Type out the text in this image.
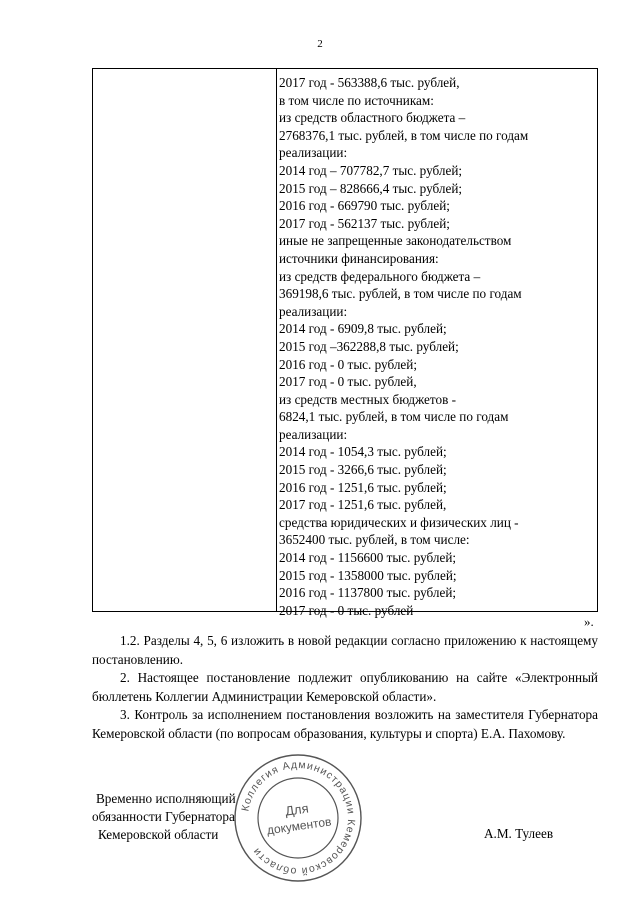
2
2017 год - 563388,6 тыс. рублей,
в том числе по источникам:
из средств областного бюджета –
2768376,1 тыс. рублей, в том числе по годам
реализации:
2014 год – 707782,7 тыс. рублей;
2015 год – 828666,4 тыс. рублей;
2016 год - 669790 тыс. рублей;
2017 год - 562137 тыс. рублей;
иные не запрещенные законодательством
источники финансирования:
из средств федерального бюджета –
369198,6 тыс. рублей, в том числе по годам
реализации:
2014 год - 6909,8 тыс. рублей;
2015 год –362288,8 тыс. рублей;
2016 год - 0 тыс. рублей;
2017 год - 0 тыс. рублей,
из средств местных бюджетов -
6824,1 тыс. рублей, в том числе по годам
реализации:
2014 год - 1054,3 тыс. рублей;
2015 год - 3266,6 тыс. рублей;
2016 год - 1251,6 тыс. рублей;
2017 год - 1251,6 тыс. рублей,
средства юридических и физических лиц -
3652400 тыс. рублей, в том числе:
2014 год - 1156600 тыс. рублей;
2015 год - 1358000 тыс. рублей;
2016 год - 1137800 тыс. рублей;
2017 год - 0 тыс. рублей
».
1.2. Разделы 4, 5, 6 изложить в новой редакции согласно приложению к настоящему постановлению.
2. Настоящее постановление подлежит опубликованию на сайте «Электронный бюллетень Коллегии Администрации Кемеровской области».
3. Контроль за исполнением постановления возложить на заместителя Губернатора Кемеровской области (по вопросам образования, культуры и спорта) Е.А. Пахомову.
Временно исполняющий
обязанности Губернатора
Кемеровской области	А.М. Тулеев
Коллегия Администрации Кемеровской области
Для
документов
